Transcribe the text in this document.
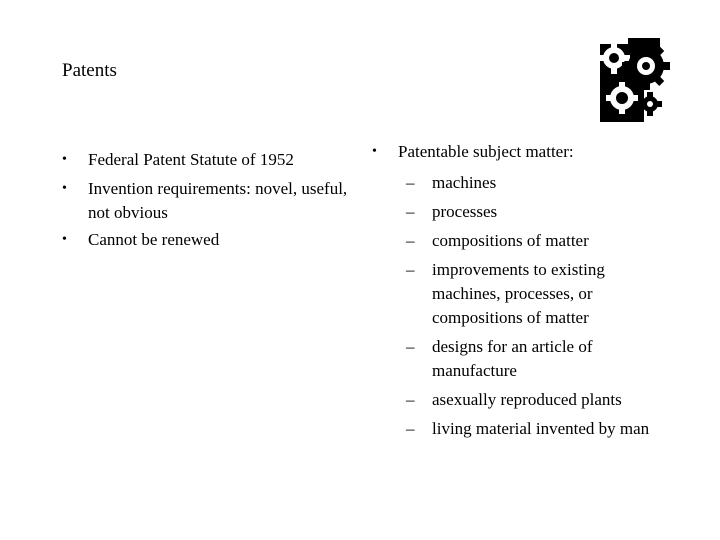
Patents
•	Federal Patent Statute of 1952
•	Invention requirements: novel, useful, not obvious
•	Cannot be renewed
•	Patentable subject matter:
–	machines
–	processes
–	compositions of matter
–	improvements to existing machines, processes, or compositions of matter
–	designs for an article of manufacture
–	asexually reproduced plants
–	living material invented by man
